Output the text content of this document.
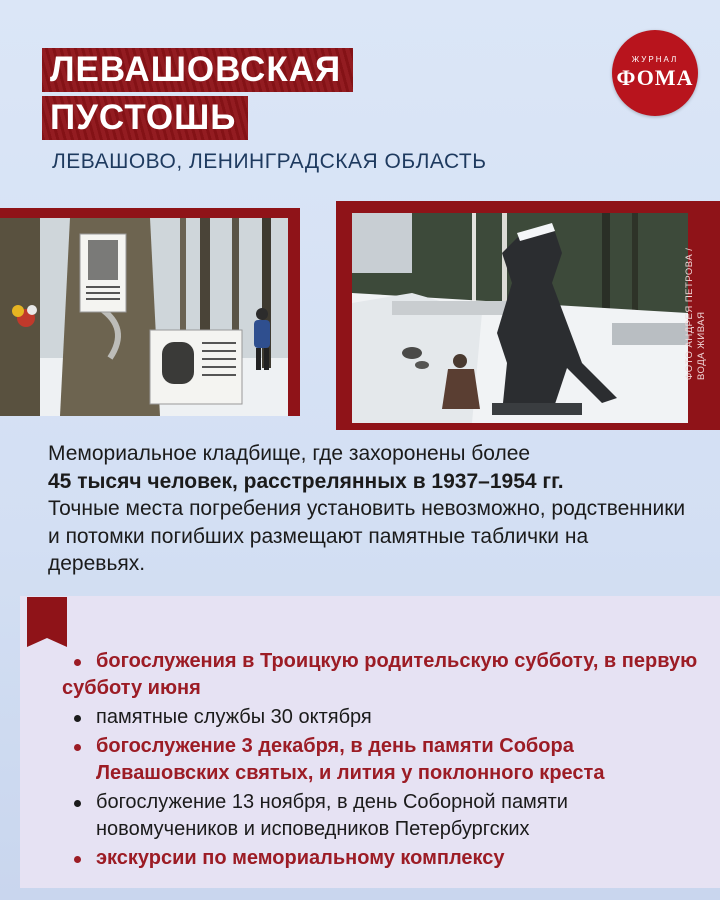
ЛЕВАШОВСКАЯ
ПУСТОШЬ
ЛЕВАШОВО, ЛЕНИНГРАДСКАЯ ОБЛАСТЬ
ЖУРНАЛ
ФОМА
ФОТО АНДРЕЯ ПЕТРОВА / ВОДА ЖИВАЯ
Мемориальное кладбище, где захоронены более
45 тысяч человек, расстрелянных в 1937–1954 гг.
Точные места погребения установить невозможно, родственники и потомки погибших размещают памятные таблички на деревьях.
богослужения в Троицкую родительскую субботу, в первую субботу июня
памятные службы 30 октября
богослужение 3 декабря, в день памяти Собора Левашовских святых, и лития у поклонного креста
богослужение 13 ноября, в день Соборной памяти новомучеников и исповедников Петербургских
экскурсии по мемориальному комплексу
